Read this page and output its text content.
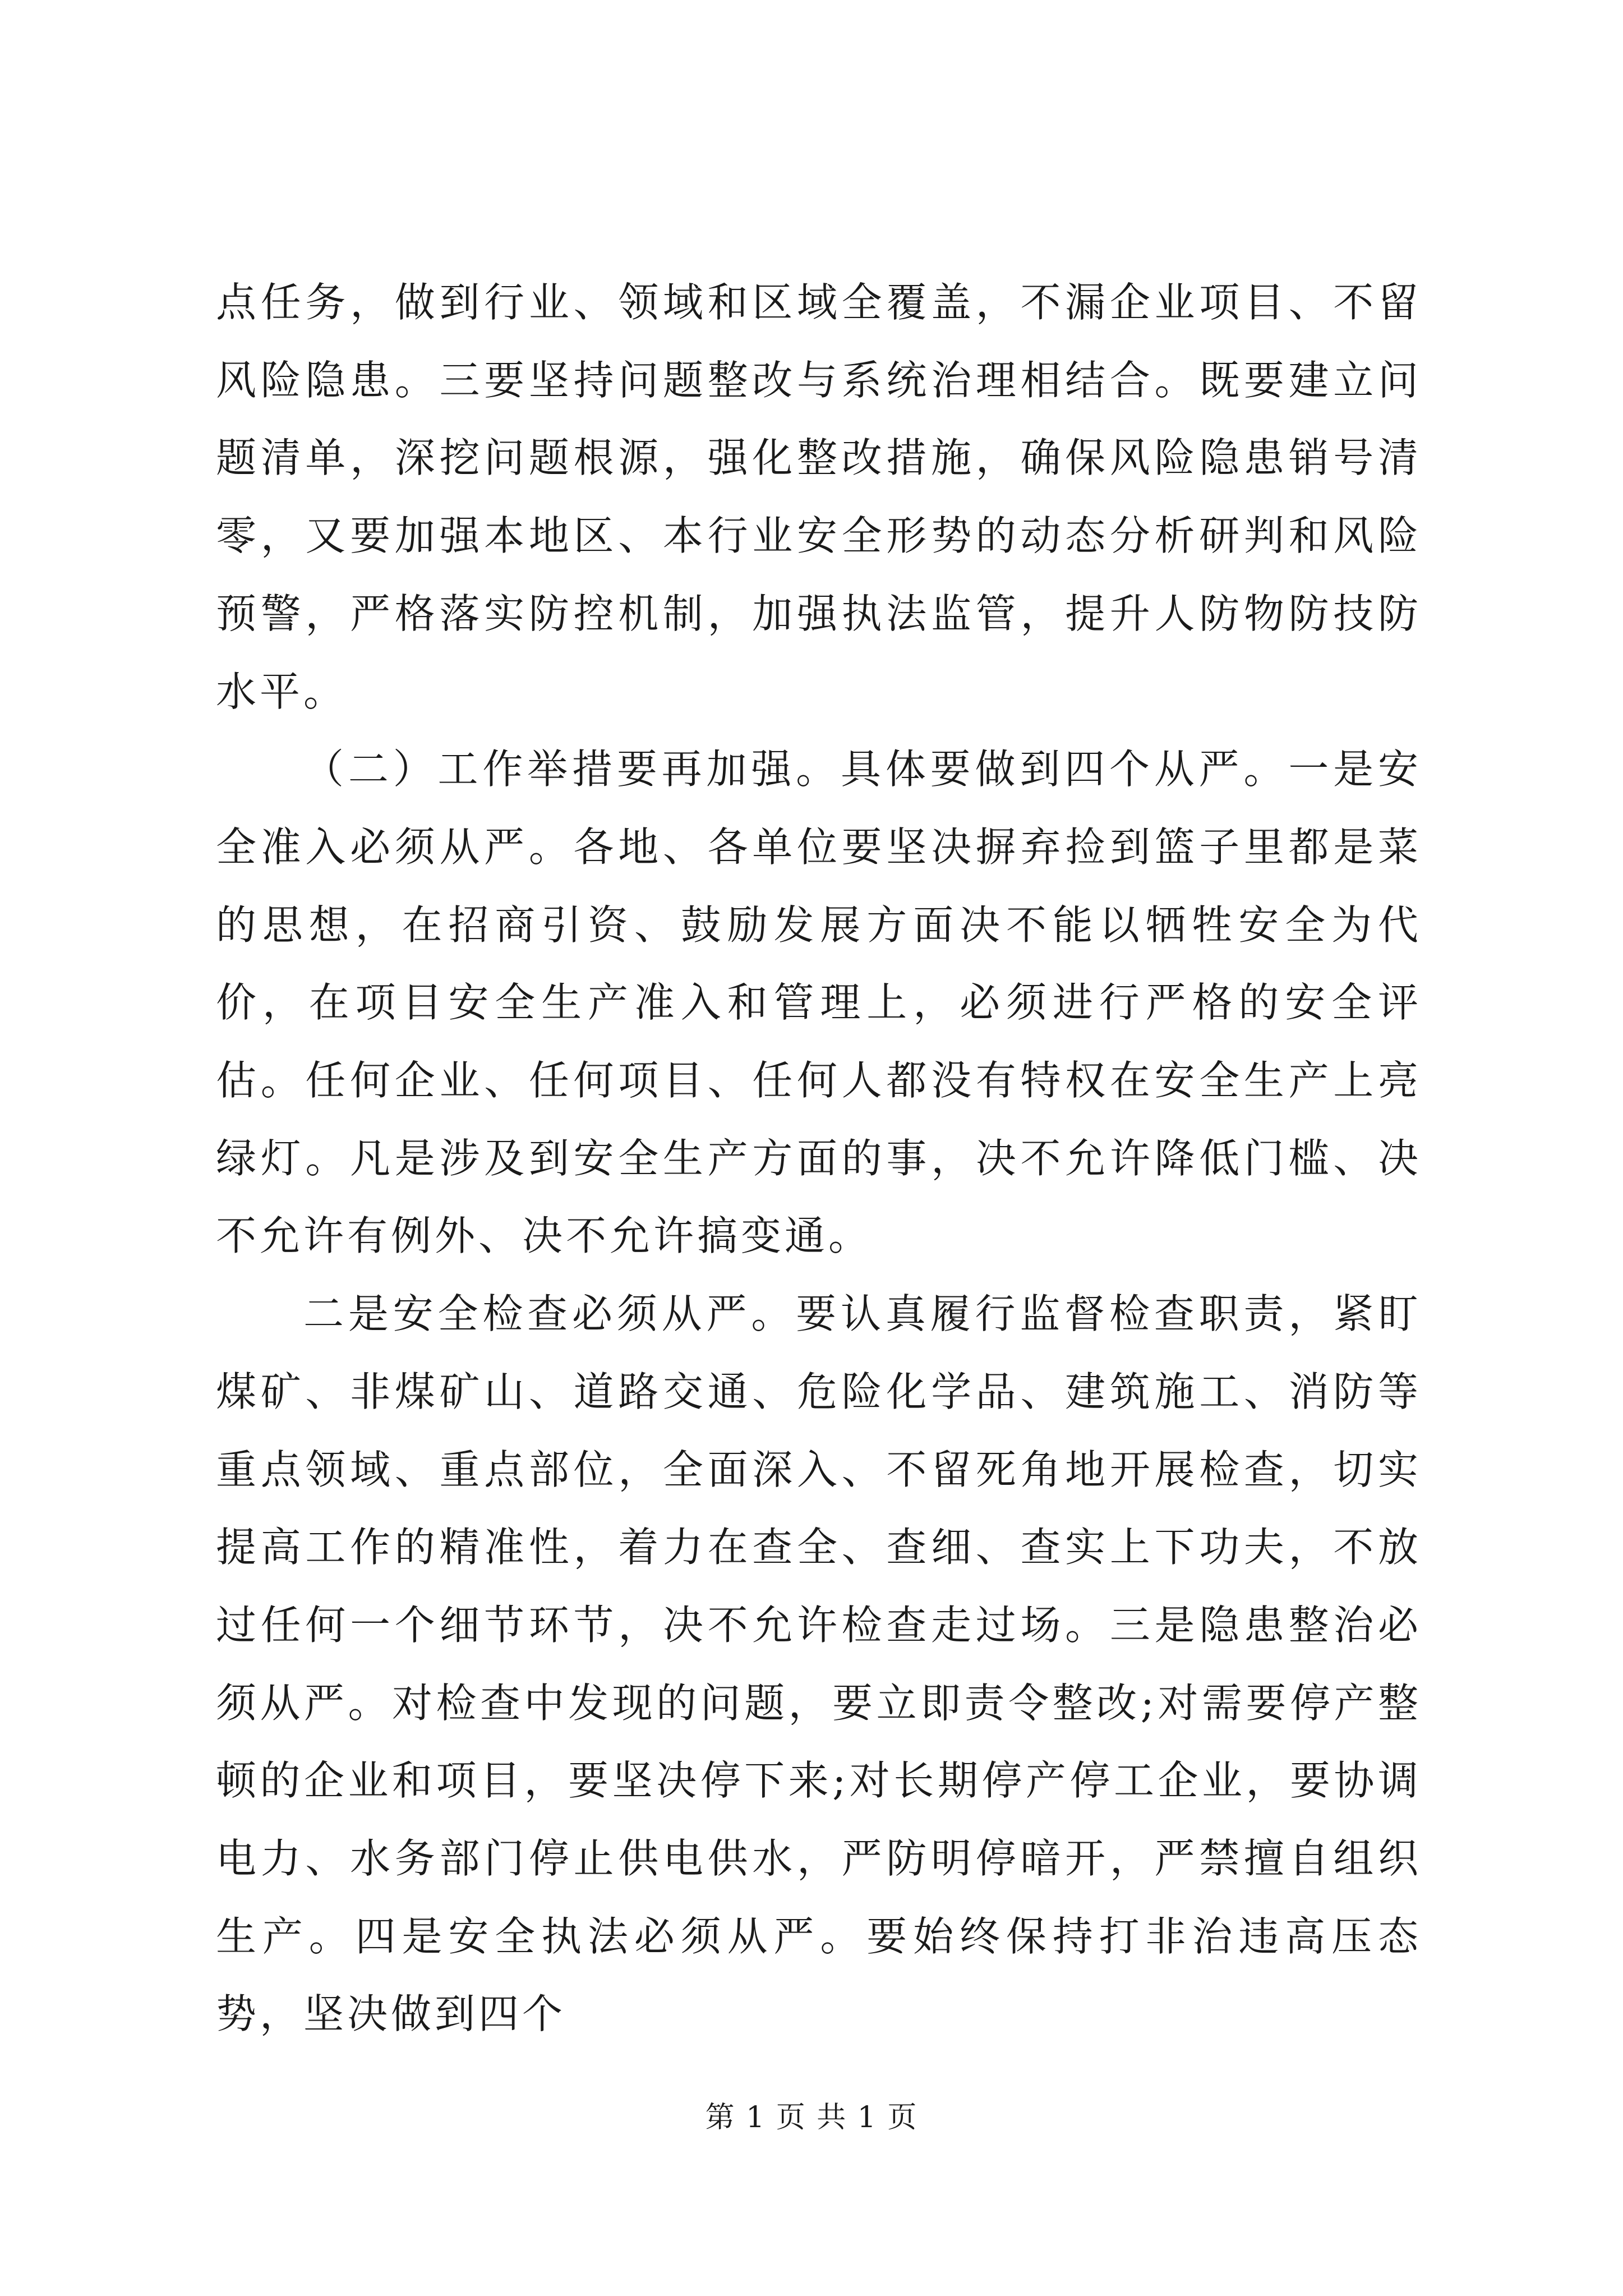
点任务，做到行业、领域和区域全覆盖，不漏企业项目、不留风险隐患。三要坚持问题整改与系统治理相结合。既要建立问题清单，深挖问题根源，强化整改措施，确保风险隐患销号清零，又要加强本地区、本行业安全形势的动态分析研判和风险预警，严格落实防控机制，加强执法监管，提升人防物防技防水平。

（二）工作举措要再加强。具体要做到四个从严。一是安全准入必须从严。各地、各单位要坚决摒弃捡到篮子里都是菜的思想，在招商引资、鼓励发展方面决不能以牺牲安全为代价，在项目安全生产准入和管理上，必须进行严格的安全评估。任何企业、任何项目、任何人都没有特权在安全生产上亮绿灯。凡是涉及到安全生产方面的事，决不允许降低门槛、决不允许有例外、决不允许搞变通。

二是安全检查必须从严。要认真履行监督检查职责，紧盯煤矿、非煤矿山、道路交通、危险化学品、建筑施工、消防等重点领域、重点部位，全面深入、不留死角地开展检查，切实提高工作的精准性，着力在查全、查细、查实上下功夫，不放过任何一个细节环节，决不允许检查走过场。三是隐患整治必须从严。对检查中发现的问题，要立即责令整改;对需要停产整顿的企业和项目，要坚决停下来;对长期停产停工企业，要协调电力、水务部门停止供电供水，严防明停暗开，严禁擅自组织生产。四是安全执法必须从严。要始终保持打非治违高压态势，坚决做到四个

第 1 页 共 1 页
